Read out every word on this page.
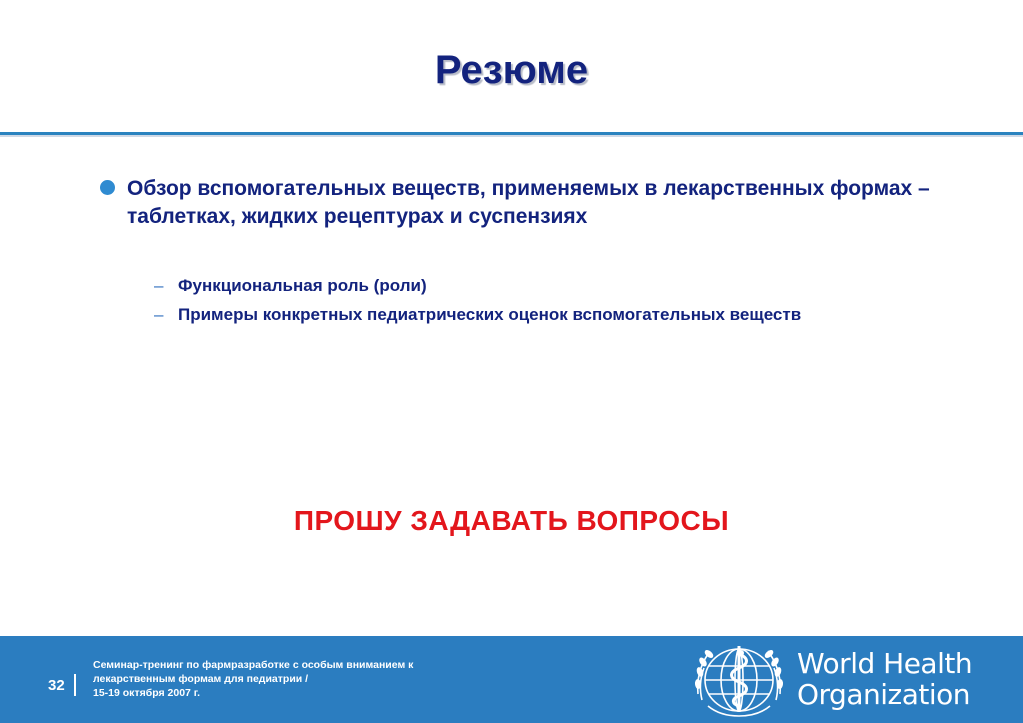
Резюме
Обзор вспомогательных веществ, применяемых в лекарственных формах – таблетках, жидких рецептурах и суспензиях
– Функциональная роль (роли)
– Примеры конкретных педиатрических оценок вспомогательных веществ
ПРОШУ ЗАДАВАТЬ ВОПРОСЫ
32
Семинар-тренинг по фармразработке с особым вниманием к
лекарственным формам для педиатрии /
15-19 октября 2007 г.
World Health
Organization
